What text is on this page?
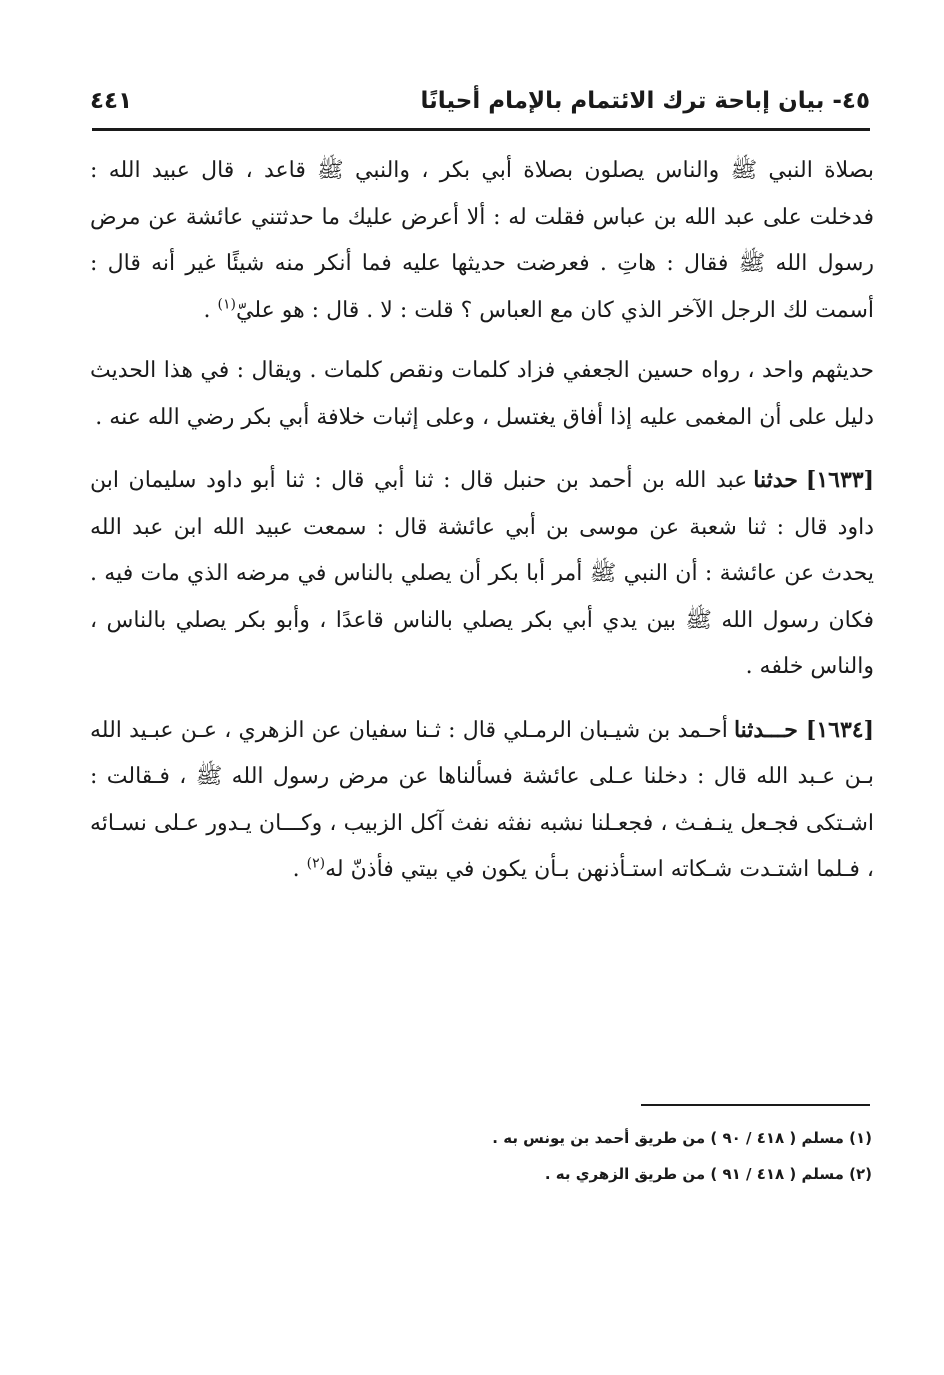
٤٥- بيان إباحة ترك الائتمام بالإمام أحيانًا
٤٤١

بصلاة النبي ﷺ والناس يصلون بصلاة أبي بكر ، والنبي ﷺ قاعد ، قال عبيد الله : فدخلت على عبد الله بن عباس فقلت له : ألا أعرض عليك ما حدثتني عائشة عن مرض رسول الله ﷺ فقال : هاتِ . فعرضت حديثها عليه فما أنكر منه شيئًا غير أنه قال : أسمت لك الرجل الآخر الذي كان مع العباس ؟ قلت : لا . قال : هو عليّ$^{(١)}$ .

حديثهم واحد ، رواه حسين الجعفي فزاد كلمات ونقص كلمات . ويقال : في هذا الحديث دليل على أن المغمى عليه إذا أفاق يغتسل ، وعلى إثبات خلافة أبي بكر رضي الله عنه .

[١٦٣٣]حدثناعبد الله بن أحمد بن حنبل قال : ثنا أبي قال : ثنا أبو داود سليمان ابن داود قال : ثنا شعبة عن موسى بن أبي عائشة قال : سمعت عبيد الله ابن عبد الله يحدث عن عائشة : أن النبي ﷺ أمر أبا بكر أن يصلي بالناس في مرضه الذي مات فيه . فكان رسول الله ﷺ بين يدي أبي بكر يصلي بالناس قاعدًا ، وأبو بكر يصلي بالناس ، والناس خلفه .

[١٦٣٤]حـــدثناأحـمد بن شيـبان الرمـلي قال : ثـنا سفيان عن الزهري ، عـن عبـيد الله بـن عـبد الله قال : دخلنا عـلى عائشة فسألناها عن مرض رسول الله ﷺ ، فـقالت : اشـتكى فجـعل ينـفـث ، فجعـلنا نشبه نفثه نفث آكل الزبيب ، وكـــان يـدور عـلى نسـائه ، فـلما اشتـدت شـكاته استـأذنهن بـأن يكون في بيتي فأذنّ له$^{(٢)}$ .

(١) مسلم ( ٤١٨ / ٩٠ ) من طريق أحمد بن يونس به .
(٢) مسلم ( ٤١٨ / ٩١ ) من طريق الزهري به .
